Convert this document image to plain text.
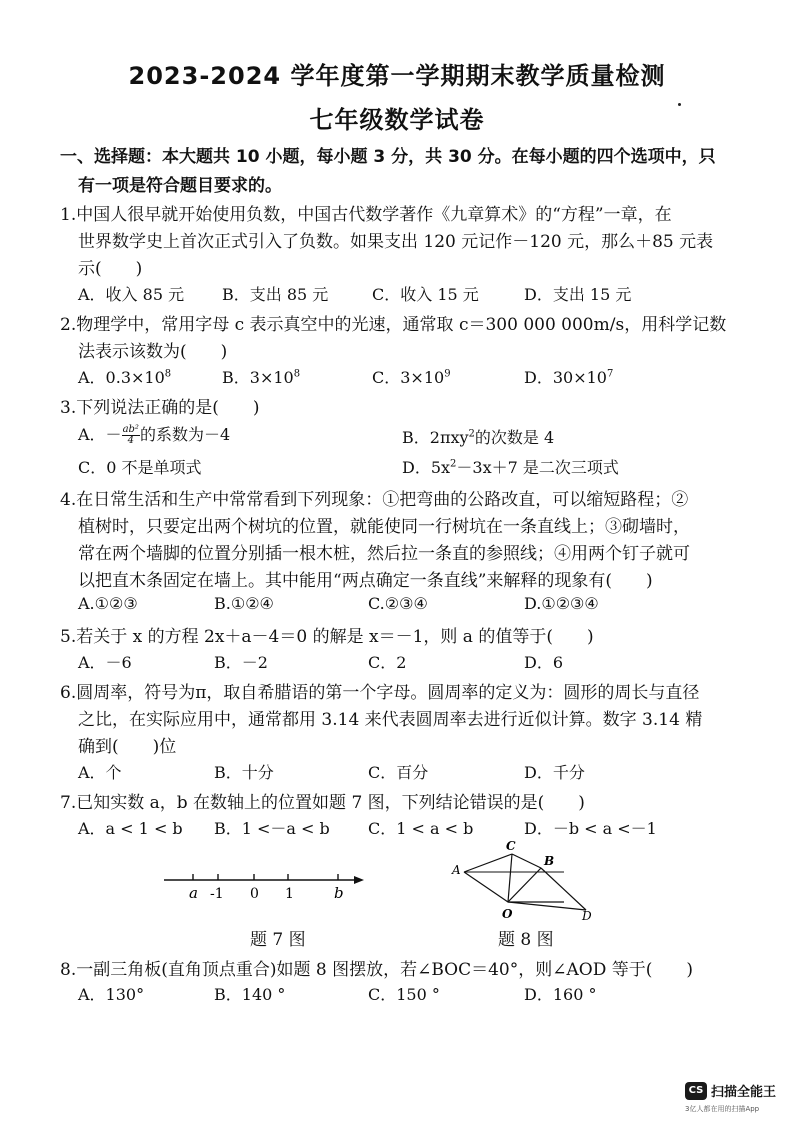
2023-2024 学年度第一学期期末教学质量检测
七年级数学试卷
一、选择题：本大题共 10 小题，每小题 3 分，共 30 分。在每小题的四个选项中，只
有一项是符合题目要求的。
1.中国人很早就开始使用负数，中国古代数学著作《九章算术》的“方程”一章，在
世界数学史上首次正式引入了负数。如果支出 120 元记作－120 元，那么＋85 元表
示(　　)
A．收入 85 元 B．支出 85 元	C．收入 15 元	D．支出 15 元
2.物理学中，常用字母 c 表示真空中的光速，通常取 c＝300 000 000m/s，用科学记数
法表示该数为(　　)
A．$0.3\times 10^8$	B．$3\times 10^8$	C．$3\times 10^9$	D．$30\times 10^7$
3.下列说法正确的是(　　)
A．－ $\frac{\text{ab²}}{4}$ 的系数为－4	B．2πxy$^2$的次数是 4
C．0 不是单项式	D．$5x^2-3x+7$ 是二次三项式
4.在日常生活和生产中常常看到下列现象：①把弯曲的公路改直，可以缩短路程；②
植树时，只要定出两个树坑的位置，就能使同一行树坑在一条直线上；③砌墙时，
常在两个墙脚的位置分别插一根木桩，然后拉一条直的参照线；④用两个钉子就可
以把直木条固定在墙上。其中能用“两点确定一条直线”来解释的现象有(　　)
A.①②③	B.①②④	C.②③④	D.①②③④
5.若关于 x 的方程 2x＋a－4＝0 的解是 x＝－1，则 a 的值等于(　　)
A．－6	B．－2	C．2	D．6
6.圆周率，符号为π，取自希腊语的第一个字母。圆周率的定义为：圆形的周长与直径
之比，在实际应用中，通常都用 3.14 来代表圆周率去进行近似计算。数字 3.14 精
确到(　　)位
A．个	B．十分	C．百分	D．千分
7.已知实数 a，b 在数轴上的位置如题 7 图，下列结论错误的是(　　)
A．a < 1 < b B．1 <－a < b C．1 < a < b	D．－b < a <－1
a -1 0 1	b
题 7 图
A
C
B
O	D
题 8 图
8.一副三角板(直角顶点重合)如题 8 图摆放，若∠BOC＝40°，则∠AOD 等于(　　)
A．130°	B．140 °	C．150 °	D．160 °
CS 扫描全能王
3亿人都在用的扫描App
